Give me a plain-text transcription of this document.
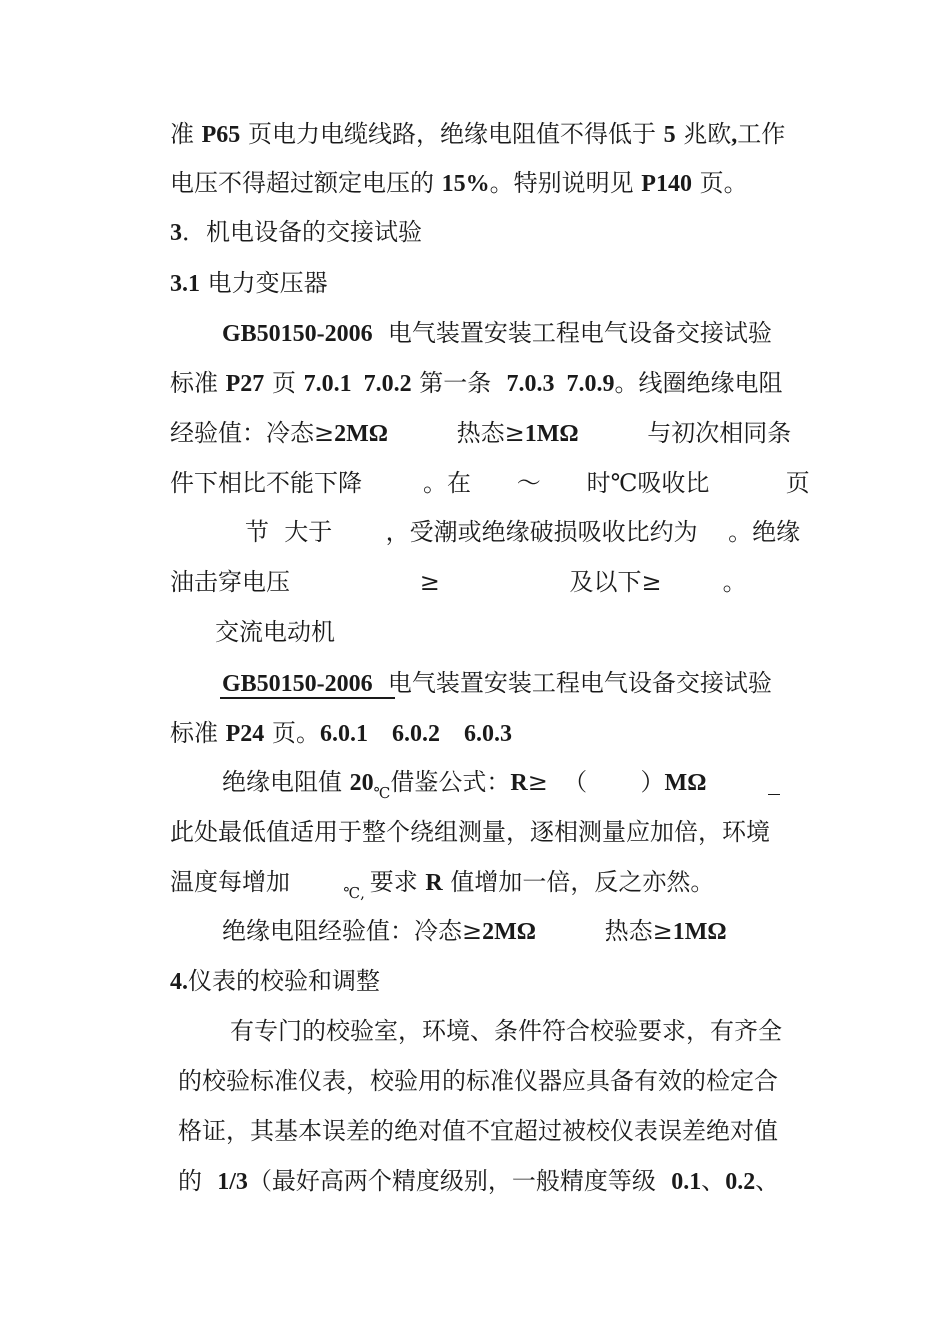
准 P65 页电力电缆线路，绝缘电阻值不得低于 5 兆欧,工作
电压不得超过额定电压的 15%。特别说明见 P140 页。
3．机电设备的交接试验
3.1 电力变压器
GB50150-2006  电气装置安装工程电气设备交接试验
标准 P27 页 7.0.1  7.0.2 第一条  7.0.3  7.0.9。线圈绝缘电阻
经验值：冷态≥2MΩ         热态≥1MΩ         与初次相同条
件下相比不能下降        。在      ～      时℃吸收比          页
节  大于       ，受潮或绝缘破损吸收比约为    。绝缘
油击穿电压                 ≥                 及以下≥        。
交流电动机
GB50150-2006  电气装置安装工程电气设备交接试验
标准 P24 页。6.0.1    6.0.2    6.0.3
绝缘电阻值 $20_℃$借鉴公式：R≥  （       ）MΩ
此处最低值适用于整个绕组测量，逐相测量应加倍，环境
温度每增加       $_{℃,}$ 要求 R 值增加一倍，反之亦然。
绝缘电阻经验值：冷态≥2MΩ         热态≥1MΩ
4.仪表的校验和调整
有专门的校验室，环境、条件符合校验要求，有齐全
的校验标准仪表，校验用的标准仪器应具备有效的检定合
格证，其基本误差的绝对值不宜超过被校仪表误差绝对值
的  1/3（最好高两个精度级别，一般精度等级  0.1、0.2、
